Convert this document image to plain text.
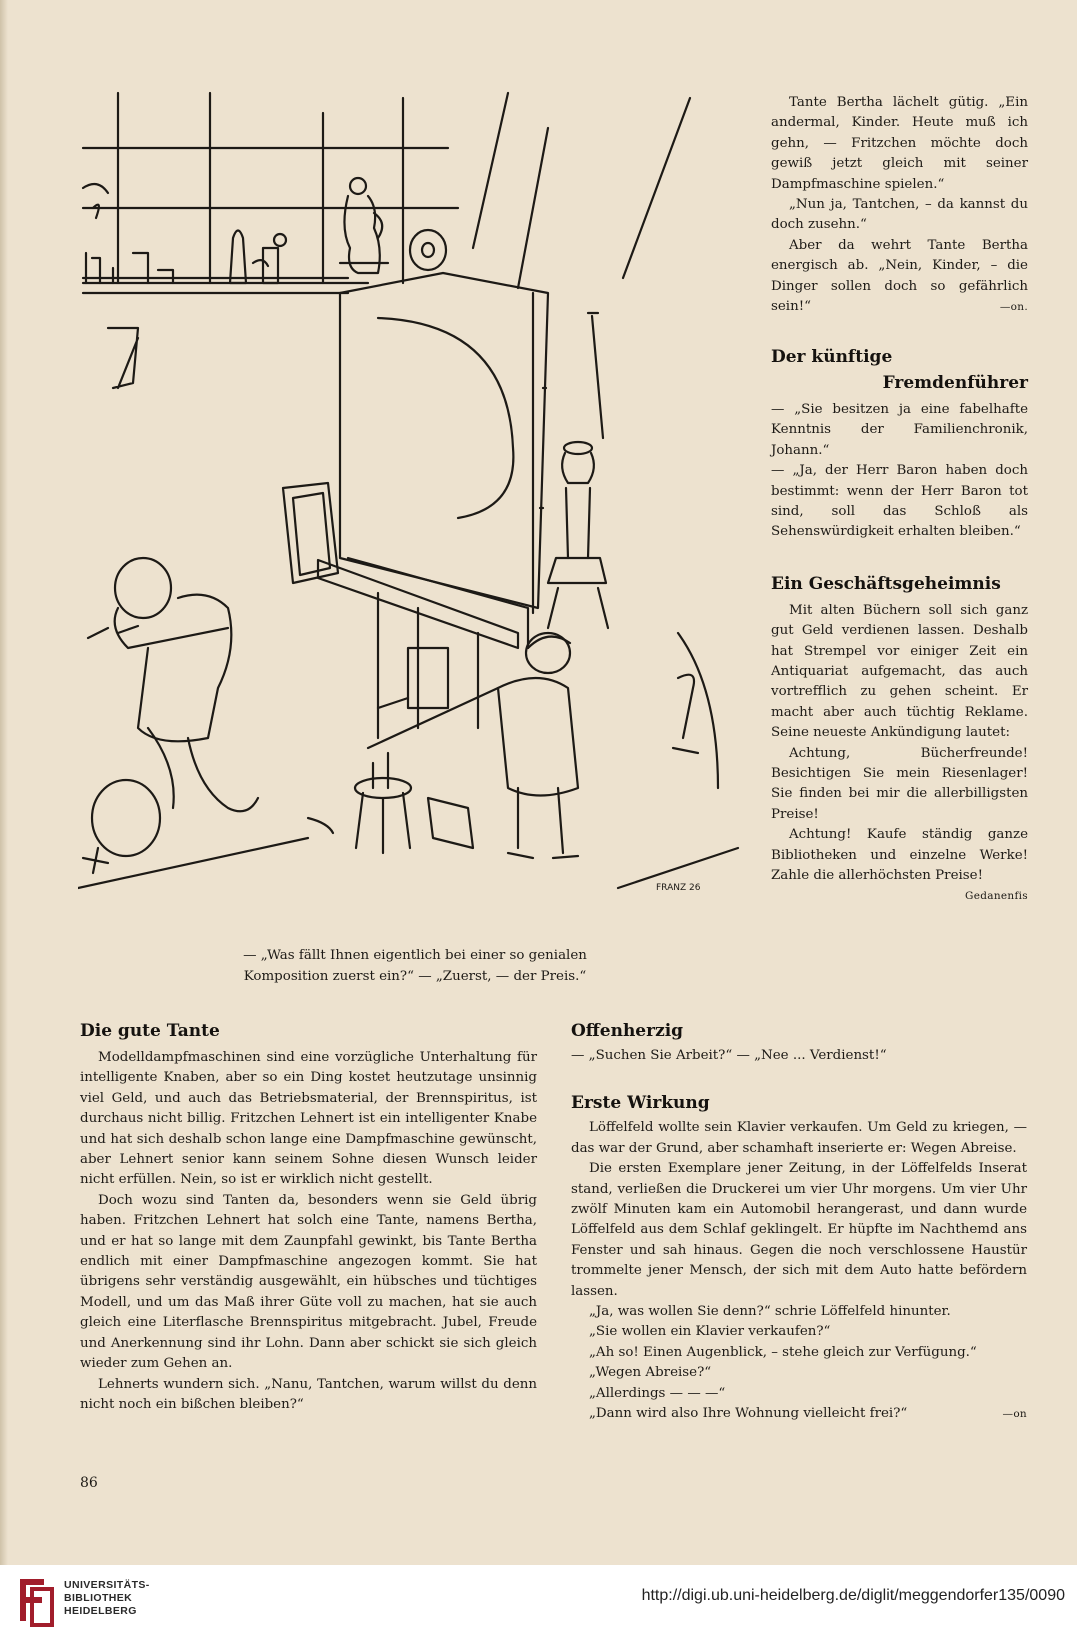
FRANZ 26

Tante Bertha lächelt gütig. „Ein andermal, Kinder. Heute muß ich gehn, — Fritzchen möchte doch gewiß jetzt gleich mit seiner Dampfmaschine spielen.“

„Nun ja, Tantchen, – da kannst du doch zusehn.“

Aber da wehrt Tante Bertha energisch ab. „Nein, Kinder, – die Dinger sollen doch so gefährlich sein!“	—on.
Der künftige
Fremdenführer

— „Sie besitzen ja eine fabelhafte Kenntnis der Familienchronik, Johann.“

— „Ja, der Herr Baron haben doch bestimmt: wenn der Herr Baron tot sind, soll das Schloß als Sehenswürdigkeit erhalten bleiben.“

Ein Geschäftsgeheimnis

Mit alten Büchern soll sich ganz gut Geld verdienen lassen. Deshalb hat Strempel vor einiger Zeit ein Antiquariat aufgemacht, das auch vortrefflich zu gehen scheint. Er macht aber auch tüchtig Reklame. Seine neueste Ankündigung lautet:

Achtung, Bücherfreunde! Besichtigen Sie mein Riesenlager! Sie finden bei mir die allerbilligsten Preise!

Achtung! Kaufe ständig ganze Bibliotheken und einzelne Werke! Zahle die allerhöchsten Preise!

Gedanenfis
— „Was fällt Ihnen eigentlich bei einer so genialen
Komposition zuerst ein?“ — „Zuerst, — der Preis.“
Die gute Tante

Modelldampfmaschinen sind eine vorzügliche Unterhaltung für intelligente Knaben, aber so ein Ding kostet heutzutage unsinnig viel Geld, und auch das Betriebsmaterial, der Brennspiritus, ist durchaus nicht billig. Fritzchen Lehnert ist ein intelligenter Knabe und hat sich deshalb schon lange eine Dampfmaschine gewünscht, aber Lehnert senior kann seinem Sohne diesen Wunsch leider nicht erfüllen. Nein, so ist er wirklich nicht gestellt.

Doch wozu sind Tanten da, besonders wenn sie Geld übrig haben. Fritzchen Lehnert hat solch eine Tante, namens Bertha, und er hat so lange mit dem Zaunpfahl gewinkt, bis Tante Bertha endlich mit einer Dampfmaschine angezogen kommt. Sie hat übrigens sehr verständig ausgewählt, ein hübsches und tüchtiges Modell, und um das Maß ihrer Güte voll zu machen, hat sie auch gleich eine Literflasche Brennspiritus mitgebracht. Jubel, Freude und Anerkennung sind ihr Lohn. Dann aber schickt sie sich gleich wieder zum Gehen an.

Lehnerts wundern sich. „Nanu, Tantchen, warum willst du denn nicht noch ein bißchen bleiben?“

Offenherzig

— „Suchen Sie Arbeit?“ — „Nee ... Verdienst!“

Erste Wirkung

Löffelfeld wollte sein Klavier verkaufen. Um Geld zu kriegen, — das war der Grund, aber schamhaft inserierte er: Wegen Abreise.

Die ersten Exemplare jener Zeitung, in der Löffelfelds Inserat stand, verließen die Druckerei um vier Uhr morgens. Um vier Uhr zwölf Minuten kam ein Automobil herangerast, und dann wurde Löffelfeld aus dem Schlaf geklingelt. Er hüpfte im Nachthemd ans Fenster und sah hinaus. Gegen die noch verschlossene Haustür trommelte jener Mensch, der sich mit dem Auto hatte befördern lassen.

„Ja, was wollen Sie denn?“ schrie Löffelfeld hinunter.

„Sie wollen ein Klavier verkaufen?“

„Ah so! Einen Augenblick, – stehe gleich zur Verfügung.“

„Wegen Abreise?“

„Allerdings — — —“

„Dann wird also Ihre Wohnung vielleicht frei?“	—on

86
UNIVERSITÄTS-
BIBLIOTHEK
HEIDELBERG
http://digi.ub.uni-heidelberg.de/diglit/meggendorfer135/0090
